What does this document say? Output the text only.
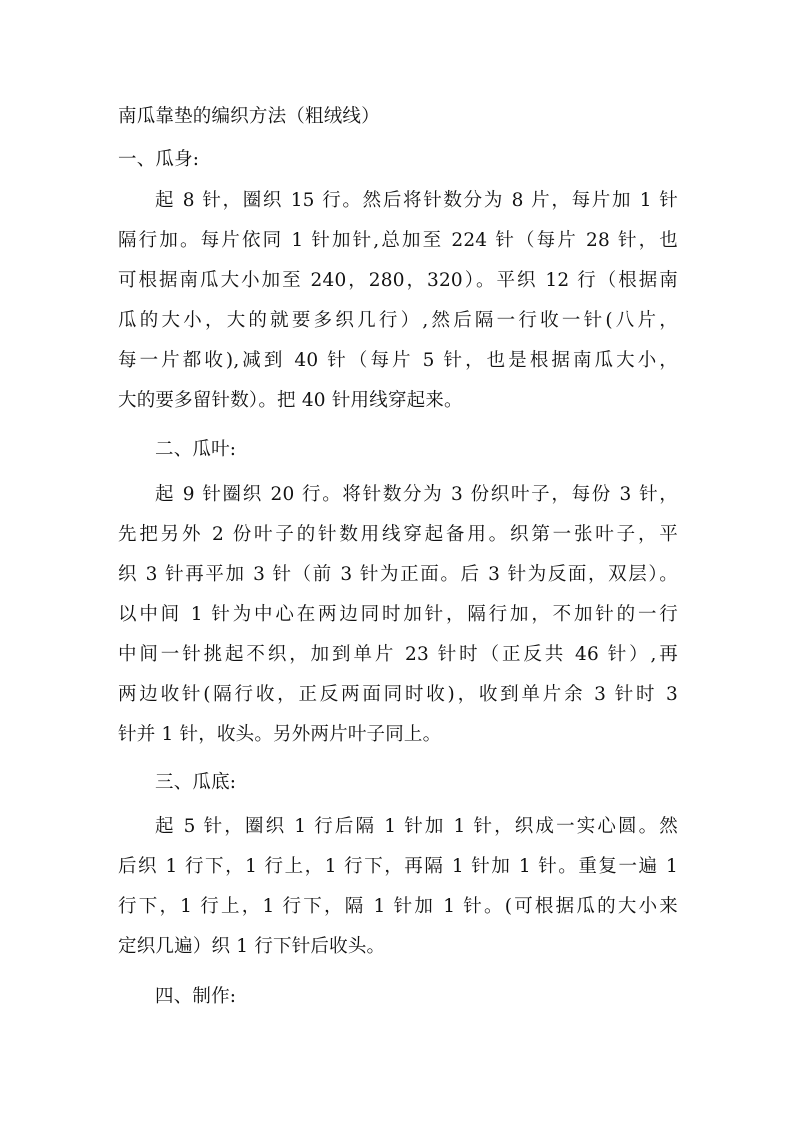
南瓜靠垫的编织方法（粗绒线）
一、瓜身:
起 8 针，圈织 15 行。然后将针数分为 8 片，每片加 1 针
隔行加。每片依同 1 针加针,总加至 224 针（每片 28 针，也
可根据南瓜大小加至 240，280，320）。平织 12 行（根据南
瓜的大小，大的就要多织几行）,然后隔一行收一针(八片，
每一片都收),减到 40 针（每片 5 针，也是根据南瓜大小，
大的要多留针数）。把 40 针用线穿起来。
二、瓜叶:
起 9 针圈织 20 行。将针数分为 3 份织叶子，每份 3 针，
先把另外 2 份叶子的针数用线穿起备用。织第一张叶子，平
织 3 针再平加 3 针（前 3 针为正面。后 3 针为反面，双层）。
以中间 1 针为中心在两边同时加针，隔行加，不加针的一行
中间一针挑起不织，加到单片 23 针时（正反共 46 针）,再
两边收针(隔行收，正反两面同时收)，收到单片余 3 针时 3
针并 1 针，收头。另外两片叶子同上。
三、瓜底:
起 5 针，圈织 1 行后隔 1 针加 1 针，织成一实心圆。然
后织 1 行下，1 行上，1 行下，再隔 1 针加 1 针。重复一遍 1
行下，1 行上，1 行下，隔 1 针加 1 针。(可根据瓜的大小来
定织几遍）织 1 行下针后收头。
四、制作:
